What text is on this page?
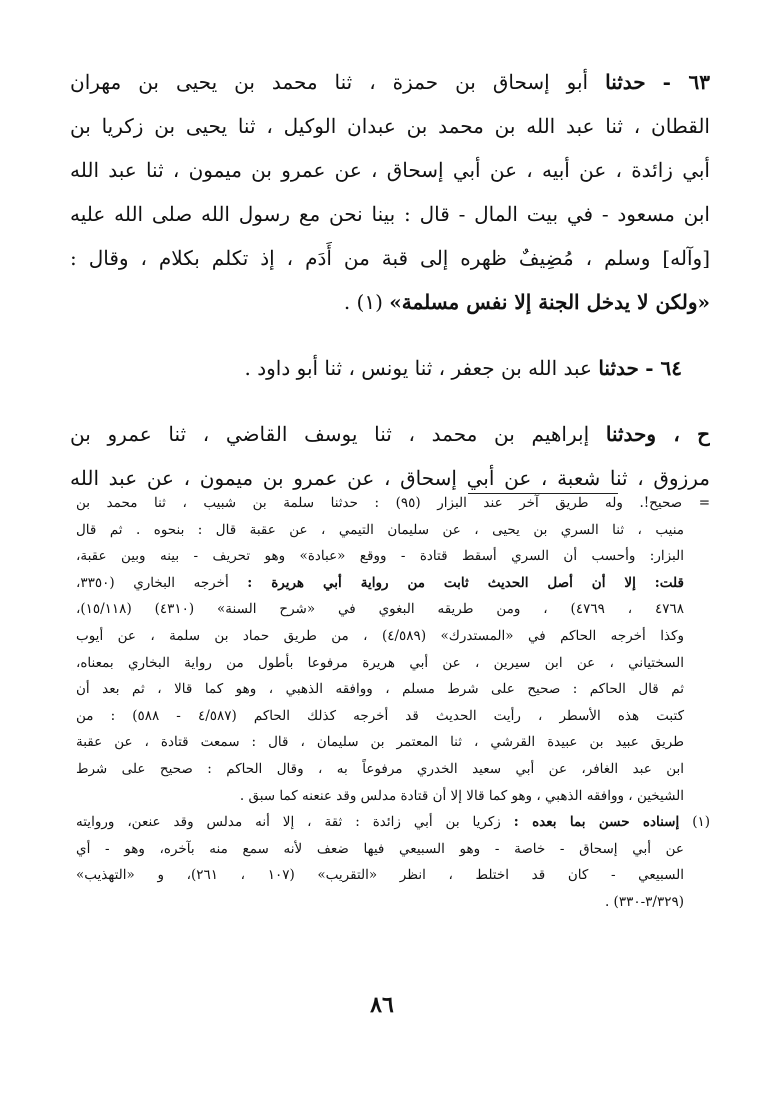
٦٣ - حدثنا أبو إسحاق بن حمزة ، ثنا محمد بن يحيى بن مهران
القطان ، ثنا عبد الله بن محمد بن عبدان الوكيل ، ثنا يحيى بن زكريا بن
أبي زائدة ، عن أبيه ، عن أبي إسحاق ، عن عمرو بن ميمون ، ثنا عبد الله
ابن مسعود - في بيت المال - قال : بينا نحن مع رسول الله صلى الله عليه
[وآله] وسلم ، مُضِيفٌ ظهره إلى قبة من أَدَم ، إذ تكلم بكلام ، وقال :
«ولكن لا يدخل الجنة إلا نفس مسلمة» (١) .
٦٤ - حدثنا عبد الله بن جعفر ، ثنا يونس ، ثنا أبو داود .
ح ، وحدثنا إبراهيم بن محمد ، ثنا يوسف القاضي ، ثنا عمرو بن
مرزوق ، ثنا شعبة ، عن أبي إسحاق ، عن عمرو بن ميمون ، عن عبد الله
= صحيح!. وله طريق آخر عند البزار (٩٥) : حدثنا سلمة بن شبيب ، ثنا محمد بن
منيب ، ثنا السري بن يحيى ، عن سليمان التيمي ، عن عقبة قال : بنحوه . ثم قال
البزار: وأحسب أن السري أسقط قتادة - ووقع «عبادة» وهو تحريف - بينه وبين عقبة،
قلت: إلا أن أصل الحديث ثابت من رواية أبي هريرة : أخرجه البخاري (٣٣٥٠،
٤٧٦٨ ، ٤٧٦٩) ، ومن طريقه البغوي في «شرح السنة» (٤٣١٠) (١٥/١١٨)،
وكذا أخرجه الحاكم في «المستدرك» (٤/٥٨٩) ، من طريق حماد بن سلمة ، عن أيوب
السختياني ، عن ابن سيرين ، عن أبي هريرة مرفوعا بأطول من رواية البخاري بمعناه،
ثم قال الحاكم : صحيح على شرط مسلم ، ووافقه الذهبي ، وهو كما قالا ، ثم بعد أن
كتبت هذه الأسطر ، رأيت الحديث قد أخرجه كذلك الحاكم (٤/٥٨٧ - ٥٨٨) : من
طريق عبيد بن عبيدة القرشي ، ثنا المعتمر بن سليمان ، قال : سمعت قتادة ، عن عقبة
ابن عبد الغافر، عن أبي سعيد الخدري مرفوعاً به ، وقال الحاكم : صحيح على شرط
الشيخين ، ووافقه الذهبي ، وهو كما قالا إلا أن قتادة مدلس وقد عنعنه كما سبق .
(١) إسناده حسن بما بعده : زكريا بن أبي زائدة : ثقة ، إلا أنه مدلس وقد عنعن، وروايته
عن أبي إسحاق - خاصة - وهو السبيعي فيها ضعف لأنه سمع منه بآخره، وهو - أي
السبيعي - كان قد اختلط ، انظر «التقريب» (١٠٧ ، ٢٦١)، و «التهذيب»
(٣/٣٢٩-٣٣٠) .
٨٦
